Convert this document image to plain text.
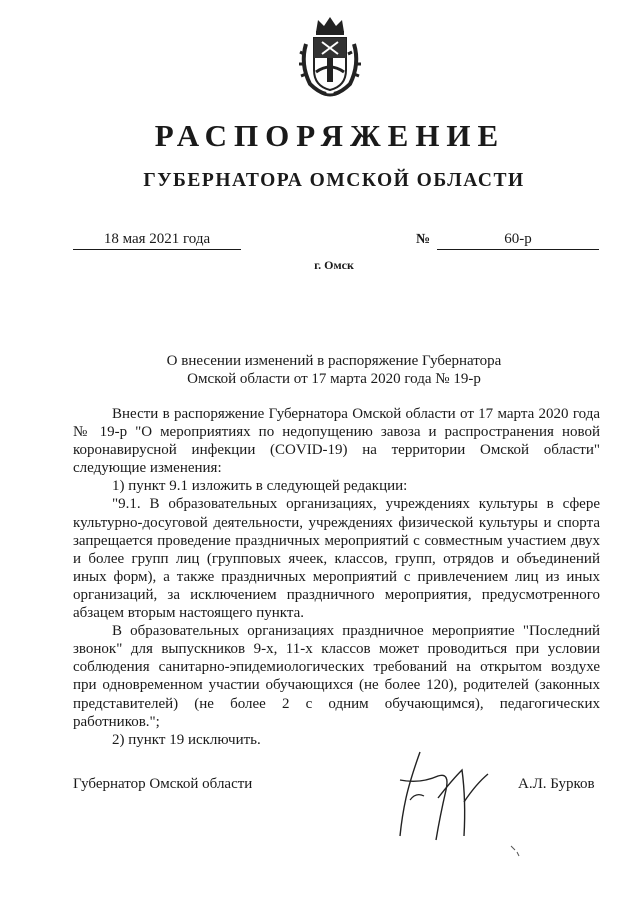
РАСПОРЯЖЕНИЕ
ГУБЕРНАТОРА ОМСКОЙ ОБЛАСТИ
18 мая 2021 года	№	60-р
г. Омск
О внесении изменений в распоряжение Губернатора
Омской области от 17 марта 2020 года № 19-р

Внести в распоряжение Губернатора Омской области от 17 марта 2020 года № 19-р "О мероприятиях по недопущению завоза и распространения новой коронавирусной инфекции (COVID-19) на территории Омской области" следующие изменения:

1) пункт 9.1 изложить в следующей редакции:

"9.1. В образовательных организациях, учреждениях культуры в сфере культурно-досуговой деятельности, учреждениях физической культуры и спорта запрещается проведение праздничных мероприятий с совместным участием двух и более групп лиц (групповых ячеек, классов, групп, отрядов и объединений иных форм), а также праздничных мероприятий с привлечением лиц из иных организаций, за исключением праздничного мероприятия, предусмотренного абзацем вторым настоящего пункта.

В образовательных организациях праздничное мероприятие "Последний звонок" для выпускников 9-х, 11-х классов может проводиться при условии соблюдения санитарно-эпидемиологических требований на открытом воздухе при одновременном участии обучающихся (не более 120), родителей (законных представителей) (не более 2 с одним обучающимся), педагогических работников.";

2) пункт 19 исключить.

Губернатор Омской области	А.Л. Бурков
